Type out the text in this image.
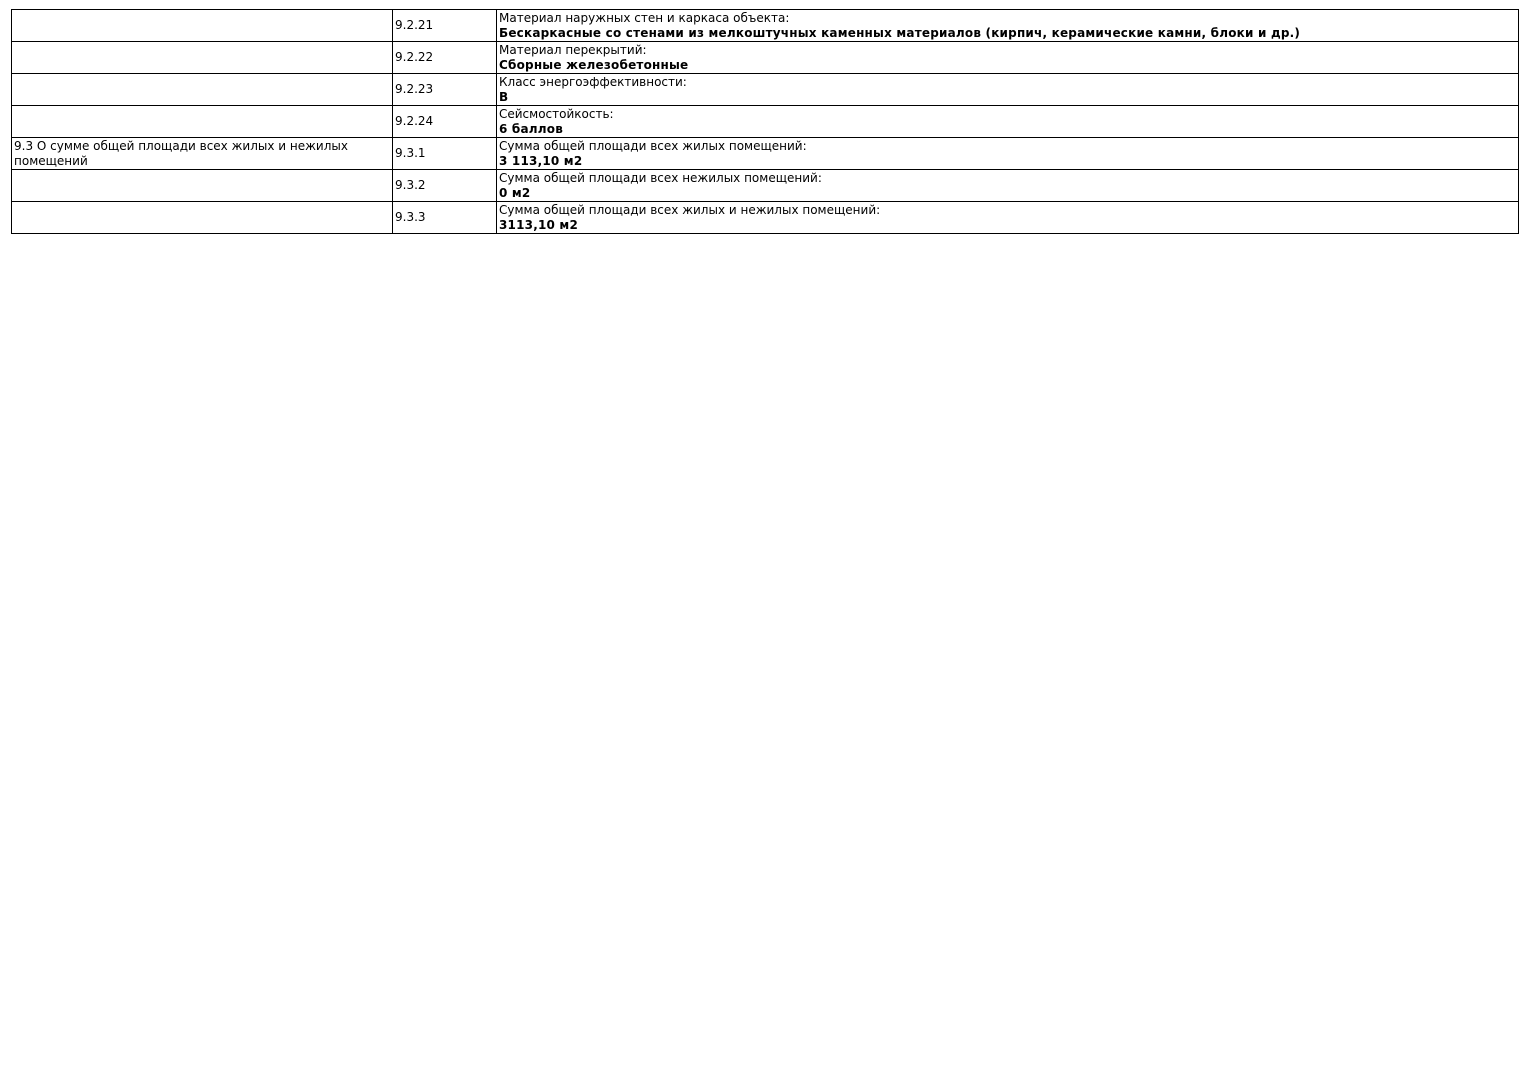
	9.2.21	Материал наружных стен и каркаса объекта:
Бескаркасные со стенами из мелкоштучных каменных материалов (кирпич, керамические камни, блоки и др.)

	9.2.22	Материал перекрытий:
Сборные железобетонные

	9.2.23	Класс энергоэффективности:
В

	9.2.24	Сейсмостойкость:
6 баллов

9.3 О сумме общей площади всех жилых и нежилых помещений	9.3.1	Сумма общей площади всех жилых помещений:
3 113,10 м2

	9.3.2	Сумма общей площади всех нежилых помещений:
0 м2

	9.3.3	Сумма общей площади всех жилых и нежилых помещений:
3113,10 м2
